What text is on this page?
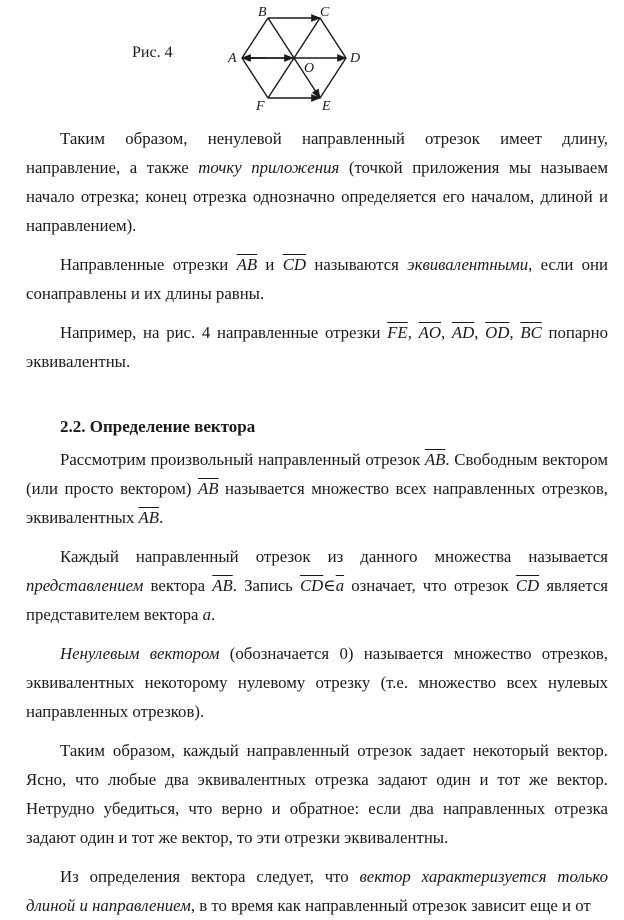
Рис. 4
B	C
A	D
O
F	E

Таким образом, ненулевой направленный отрезок имеет длину, направление, а также точку приложения (точкой приложения мы называем начало отрезка; конец отрезка однозначно определяется его началом, длиной и направлением).

Направленные отрезки $\overline{AB}$ и $\overline{CD}$ называются эквивалентными, если они сонаправлены и их длины равны.

Например, на рис. 4 направленные отрезки $\overline{FE}$, $\overline{AO}$, $\overline{AD}$, $\overline{OD}$, $\overline{BC}$ попарно эквивалентны.

2.2. Определение вектора

Рассмотрим произвольный направленный отрезок $\overline{AB}$. Свободным вектором (или просто вектором) $\overline{AB}$ называется множество всех направленных отрезков, эквивалентных $\overline{AB}$.

Каждый направленный отрезок из данного множества называется представлением вектора $\overline{AB}$. Запись $\overline{CD}\in\overline{a}$ означает, что отрезок $\overline{CD}$ является представителем вектора a.

Ненулевым вектором (обозначается 0) называется множество отрезков, эквивалентных некоторому нулевому отрезку (т.е. множество всех нулевых направленных отрезков).

Таким образом, каждый направленный отрезок задает некоторый вектор. Ясно, что любые два эквивалентных отрезка задают один и тот же вектор. Нетрудно убедиться, что верно и обратное: если два направленных отрезка задают один и тот же вектор, то эти отрезки эквивалентны.

Из определения вектора следует, что вектор характеризуется только длиной и направлением, в то время как направленный отрезок зависит еще и от
